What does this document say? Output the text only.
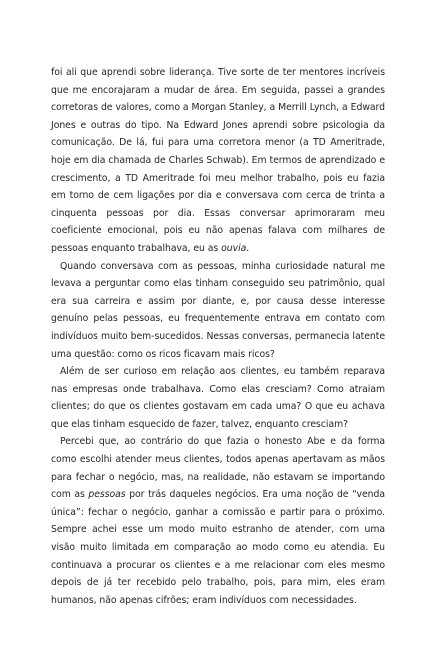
foi ali que aprendi sobre liderança. Tive sorte de ter mentores incríveis que me encorajaram a mudar de área. Em seguida, passei a grandes corretoras de valores, como a Morgan Stanley, a Merrill Lynch, a Edward Jones e outras do tipo. Na Edward Jones aprendi sobre psicologia da comunicação. De lá, fui para uma corretora menor (a TD Ameritrade, hoje em dia chamada de Charles Schwab). Em termos de aprendizado e crescimento, a TD Ameritrade foi meu melhor trabalho, pois eu fazia em torno de cem ligações por dia e conversava com cerca de trinta a cinquenta pessoas por dia. Essas conversar aprimoraram meu coeficiente emocional, pois eu não apenas falava com milhares de pessoas enquanto trabalhava, eu as ouvia.

Quando conversava com as pessoas, minha curiosidade natural me levava a perguntar como elas tinham conseguido seu patrimônio, qual era sua carreira e assim por diante, e, por causa desse interesse genuíno pelas pessoas, eu frequentemente entrava em contato com indivíduos muito bem-sucedidos. Nessas conversas, permanecia latente uma questão: como os ricos ficavam mais ricos?

Além de ser curioso em relação aos clientes, eu também reparava nas empresas onde trabalhava. Como elas cresciam? Como atraiam clientes; do que os clientes gostavam em cada uma? O que eu achava que elas tinham esquecido de fazer, talvez, enquanto cresciam?

Percebi que, ao contrário do que fazia o honesto Abe e da forma como escolhi atender meus clientes, todos apenas apertavam as mãos para fechar o negócio, mas, na realidade, não estavam se importando com as pessoas por trás daqueles negócios. Era uma noção de “venda única”: fechar o negócio, ganhar a comissão e partir para o próximo. Sempre achei esse um modo muito estranho de atender, com uma visão muito limitada em comparação ao modo como eu atendia. Eu continuava a procurar os clientes e a me relacionar com eles mesmo depois de já ter recebido pelo trabalho, pois, para mim, eles eram humanos, não apenas cifrões; eram indivíduos com necessidades.
